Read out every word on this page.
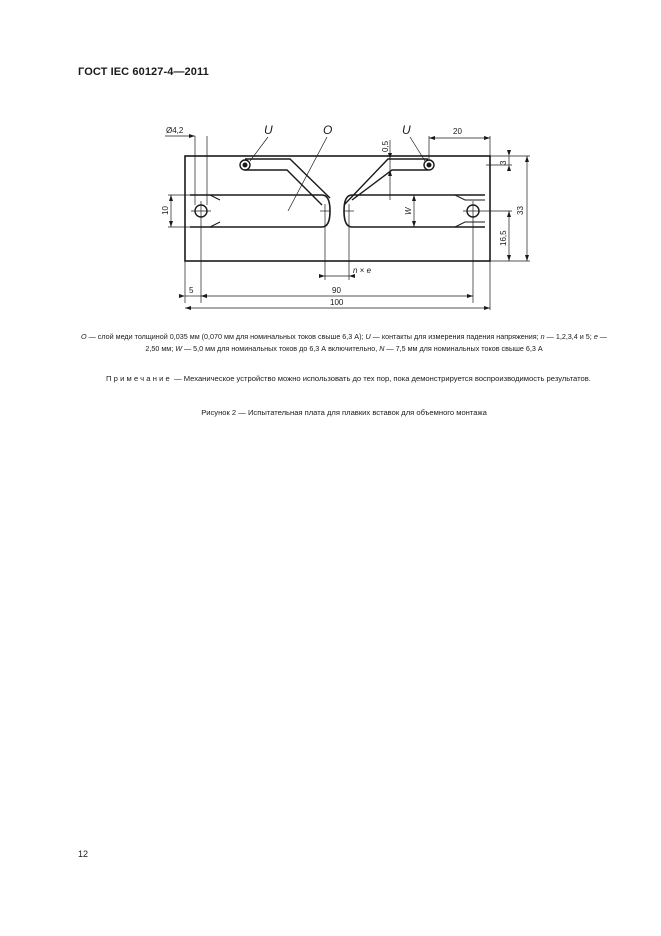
ГОСТ IEC 60127-4—2011
Ø4,2	U	O	U	20
0,5
3
33
10	W
16,5
n × e
5	90
100
O — слой меди толщиной 0,035 мм (0,070 мм для номинальных токов свыше 6,3 А); U — контакты для измерения падения напряжения; n — 1,2,3,4 и 5; e — 2,50 мм; W — 5,0 мм для номинальных токов до 6,3 А включительно, N — 7,5 мм для номинальных токов свыше 6,3 А
Примечание — Механическое устройство можно использовать до тех пор, пока демонстрируется воспроизводимость результатов.
Рисунок 2 — Испытательная плата для плавких вставок для объемного монтажа
12
